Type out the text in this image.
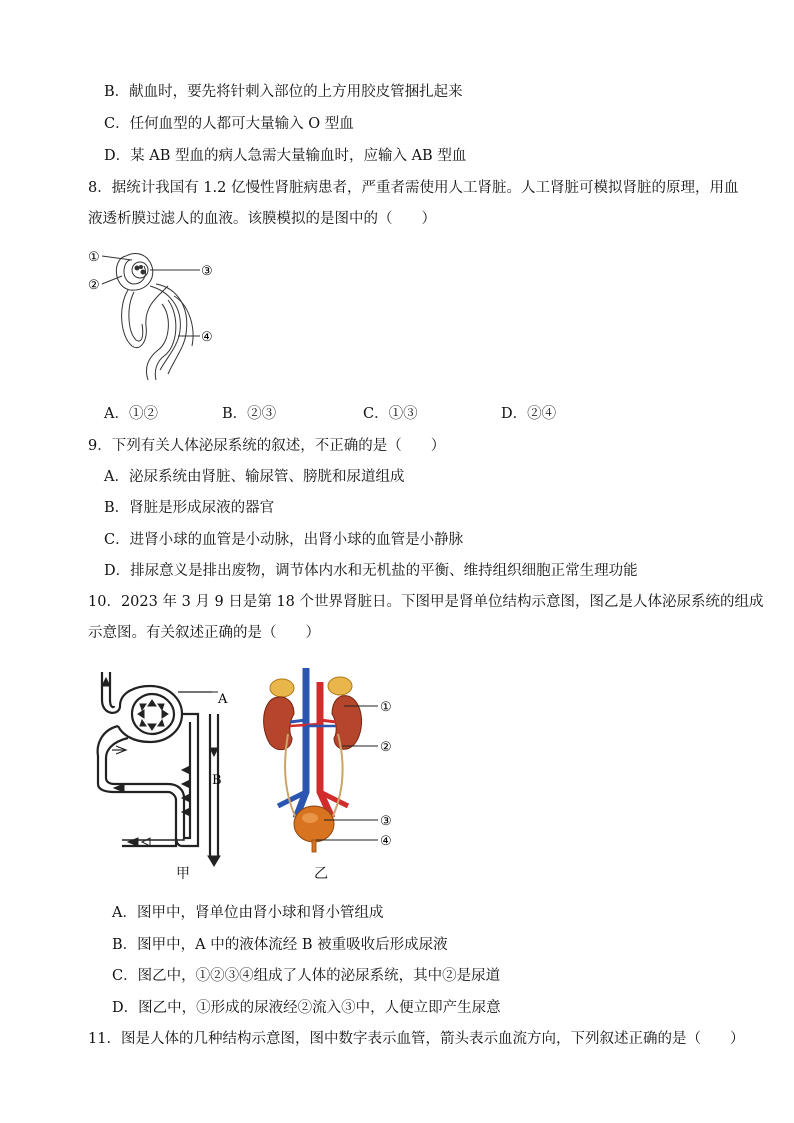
B．献血时，要先将针刺入部位的上方用胶皮管捆扎起来
C．任何血型的人都可大量输入 O 型血
D．某 AB 型血的病人急需大量输血时，应输入 AB 型血
8．据统计我国有 1.2 亿慢性肾脏病患者，严重者需使用人工肾脏。人工肾脏可模拟肾脏的原理，用血
液透析膜过滤人的血液。该膜模拟的是图中的（　　）
①
②
③
④
A．①②	B．②③	C．①③	D．②④
9．下列有关人体泌尿系统的叙述，不正确的是（　　）
A．泌尿系统由肾脏、输尿管、膀胱和尿道组成
B．肾脏是形成尿液的器官
C．进肾小球的血管是小动脉，出肾小球的血管是小静脉
D．排尿意义是排出废物，调节体内水和无机盐的平衡、维持组织细胞正常生理功能
10．2023 年 3 月 9 日是第 18 个世界肾脏日。下图甲是肾单位结构示意图，图乙是人体泌尿系统的组成
示意图。有关叙述正确的是（　　）
A
B
甲
①
②
③
④
乙
A．图甲中，肾单位由肾小球和肾小管组成
B．图甲中，A 中的液体流经 B 被重吸收后形成尿液
C．图乙中，①②③④组成了人体的泌尿系统，其中②是尿道
D．图乙中，①形成的尿液经②流入③中，人便立即产生尿意
11．图是人体的几种结构示意图，图中数字表示血管，箭头表示血流方向，下列叙述正确的是（　　）
